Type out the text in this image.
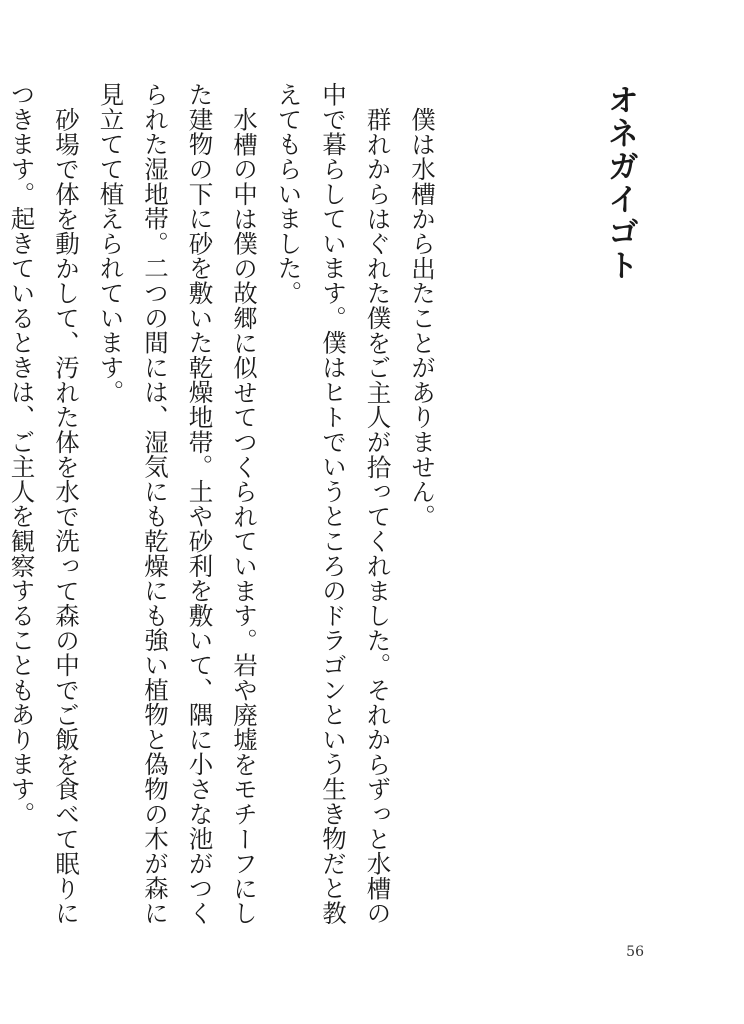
オネガイゴト

僕は水槽から出たことがありません。

群れからはぐれた僕をご主人が拾ってくれました。それからずっと水槽の中で暮らしています。僕はヒトでいうところのドラゴンという生き物だと教えてもらいました。

水槽の中は僕の故郷に似せてつくられています。岩や廃墟をモチーフにした建物の下に砂を敷いた乾燥地帯。土や砂利を敷いて、隅に小さな池がつくられた湿地帯。二つの間には、湿気にも乾燥にも強い植物と偽物の木が森に見立てて植えられています。

砂場で体を動かして、汚れた体を水で洗って森の中でご飯を食べて眠りにつきます。起きているときは、ご主人を観察することもあります。

56
